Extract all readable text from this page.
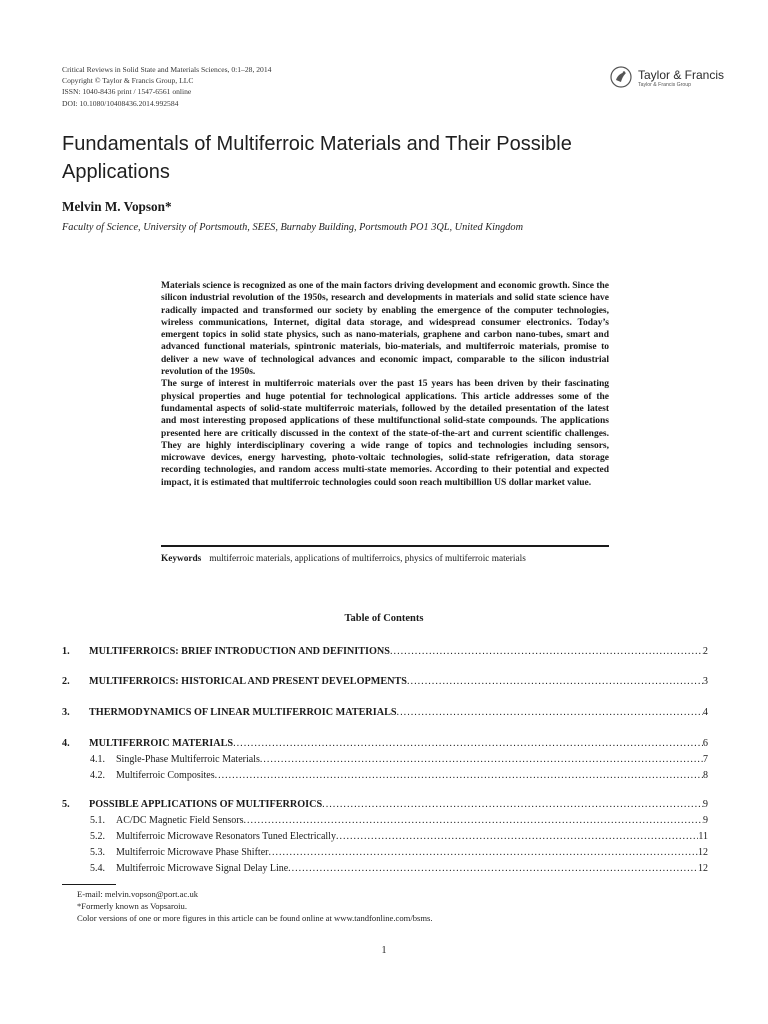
Critical Reviews in Solid State and Materials Sciences, 0:1–28, 2014
Copyright © Taylor & Francis Group, LLC
ISSN: 1040-8436 print / 1547-6561 online
DOI: 10.1080/10408436.2014.992584
Taylor & Francis
Taylor & Francis Group
Fundamentals of Multiferroic Materials and Their Possible Applications
Melvin M. Vopson*
Faculty of Science, University of Portsmouth, SEES, Burnaby Building, Portsmouth PO1 3QL, United Kingdom

Materials science is recognized as one of the main factors driving development and economic growth. Since the silicon industrial revolution of the 1950s, research and developments in materials and solid state science have radically impacted and transformed our society by enabling the emergence of the computer technologies, wireless communications, Internet, digital data storage, and widespread consumer electronics. Today’s emergent topics in solid state physics, such as nano-materials, graphene and carbon nano-tubes, smart and advanced functional materials, spintronic materials, bio-materials, and multiferroic materials, promise to deliver a new wave of technological advances and economic impact, comparable to the silicon industrial revolution of the 1950s.

The surge of interest in multiferroic materials over the past 15 years has been driven by their fascinating physical properties and huge potential for technological applications. This article addresses some of the fundamental aspects of solid-state multiferroic materials, followed by the detailed presentation of the latest and most interesting proposed applications of these multifunctional solid-state compounds. The applications presented here are critically discussed in the context of the state-of-the-art and current scientific challenges. They are highly interdisciplinary covering a wide range of topics and technologies including sensors, microwave devices, energy harvesting, photo-voltaic technologies, solid-state refrigeration, data storage recording technologies, and random access multi-state memories. According to their potential and expected impact, it is estimated that multiferroic technologies could soon reach multibillion US dollar market value.

Keywords multiferroic materials, applications of multiferroics, physics of multiferroic materials
Table of Contents
1.	MULTIFERROICS: BRIEF INTRODUCTION AND DEFINITIONS .....	2
2.	MULTIFERROICS: HISTORICAL AND PRESENT DEVELOPMENTS .....	3
3.	THERMODYNAMICS OF LINEAR MULTIFERROIC MATERIALS .....	4
4.	MULTIFERROIC MATERIALS .....	6
4.1.	Single-Phase Multiferroic Materials .....	7
4.2.	Multiferroic Composites .....	8
5.	POSSIBLE APPLICATIONS OF MULTIFERROICS .....	9
5.1.	AC/DC Magnetic Field Sensors .....	9
5.2.	Multiferroic Microwave Resonators Tuned Electrically .....	11
5.3.	Multiferroic Microwave Phase Shifter .....	12
5.4.	Multiferroic Microwave Signal Delay Line .....	12
E-mail: melvin.vopson@port.ac.uk
*Formerly known as Vopsaroiu.
Color versions of one or more figures in this article can be found online at www.tandfonline.com/bsms.
1
